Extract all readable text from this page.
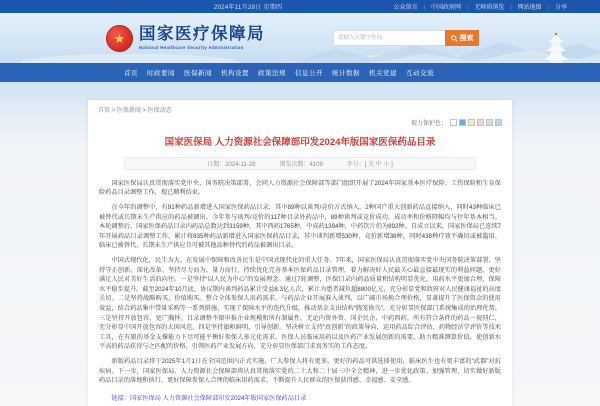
2024年11月28日 星期四	公众留言	| 中国政府网	| 无障碍浏览	| 网站地图	| 分享
★ 国家医疗保障局
National Healthcare Security Administration
请输入关键字查询
搜索
首页 时政要闻 医保新闻 机构设置 政策法规 信息公开 统计数据 机关党建 互动交流
首页 > 医保新闻 > 医保动态
视力保护色：
国家医保局 人力资源社会保障部印发2024年版国家医保药品目录
日期：2024-11-28	浏览次数：4109	字号：[ 大 中 小 ]

国家医保局认真贯彻落实党中央、国务院决策部署，会同人力资源社会保障部等部门组织开展了2024年国家基本医疗保险、工伤保险和生育保险药品目录调整工作，现已顺利结束。

在今年的调整中，有91种药品新增进入国家医保药品目录，其中89种以谈判/竞价方式纳入，2种国产重大创新药品直接纳入，同时43种临床已被替代或长期未生产供应的药品被调出。今年参与谈判/竞价的117种目录外药品中，89种谈判或竞价成功，成功率和价格降幅均与往年基本相当。本轮调整后，国家医保药品目录内药品总数达到3159种，其中西药1765种，中成药1394种，中药饮片仍为892种。自成立以来，国家医保局已连续7年开展药品目录调整工作，累计将835种药品新增进入国家医保药品目录，其中谈判新增530种，竞价新增38种，同时438种疗效不确切或被滥用、临床已被替代、长期未生产供应且可被其他品种替代的药品被调出目录。

中国式现代化，民生为大。在发展中保障和改善民生是中国式现代化的重大任务。7年来，国家医保局认真贯彻落实党中央国务院决策部署，坚持守正创新、深化改革，坚持尽力而为、量力而行，持续优化完善基本医保药品目录管理，着力解决好人民最关心最直接最现实的利益问题，更好满足人民对美好生活的向往。一是坚持“以人民为中心”的发展理念。通过7轮调整，医保目录内药品质量和结构明显优化，用药水平更加合理，保障水平稳步提升。截至2024年10月底，协议期内谈判药品累计受益8.3亿人次，累计为患者减负超8800亿元，充分彰显党和政府对人民健康福祉的高度关切。二是坚持战略购买、价值购买。整合全体参保人用药需求，与药品企业开展准入谈判，以广阔市场换合理价格，显著提升了医保资金的使用效益，结合药品集中带量采购等一系列措施，实现了保障水平的迭代升级，推动基金支出结构“腾笼换鸟”，充分彰显医保部门系统集成的治理优势。三是坚持开放包容、宽广胸怀。目录调整不限申报企业规模和所有制属性，无论内资外资、国企民企、中药西药，所有符合条件的药品一视同仁，充分彰显中国开放包容的大国风范。四是坚持旗帜鲜明、引导创新。坚决树立支持“真创新”的政策导向，运用药品综合评估、药物经济学评价等技术工具，在有限的基金支撑能力下尽可能平衡好参保人多元化需求、医保人员临床用药以及医药产业发展创新的需要，助力精准测算价值，使创新水平高的药品获得与之匹配的价格，引领医药产业发展方向，充分彰显医保部门求真务实的工作态度。

新版药品目录将于2025年1月1日在全国范围内正式实施，广大参保人将有更多、更好的药品可供选择使用，临床医生也有更丰富的“武器”对抗疾病。下一步，国家医保局、人力资源社会保障部将认真贯彻落实党的二十大和二十届三中全会精神，进一步优化政策、加强管理，切实做好新版药品目录的落地和执行，更好保障参保人合理的临床用药需求，不断提升人民群众的医保获得感、幸福感、安全感。

链接：国家医保局 人力资源社会保障部印发2024年版国家医保药品目录
